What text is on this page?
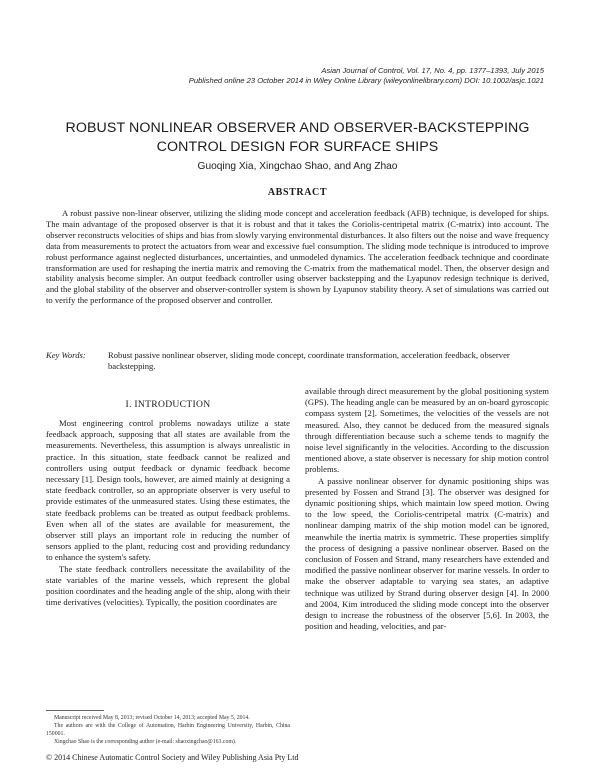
Asian Journal of Control, Vol. 17, No. 4, pp. 1377–1393, July 2015
Published online 23 October 2014 in Wiley Online Library (wileyonlinelibrary.com) DOI: 10.1002/asjc.1021
ROBUST NONLINEAR OBSERVER AND OBSERVER-BACKSTEPPING
CONTROL DESIGN FOR SURFACE SHIPS
Guoqing Xia, Xingchao Shao, and Ang Zhao
ABSTRACT

A robust passive non-linear observer, utilizing the sliding mode concept and acceleration feedback (AFB) technique, is developed for ships. The main advantage of the proposed observer is that it is robust and that it takes the Coriolis-centripetal matrix (C-matrix) into account. The observer reconstructs velocities of ships and bias from slowly varying environmental disturbances. It also filters out the noise and wave frequency data from measurements to protect the actuators from wear and excessive fuel consumption. The sliding mode technique is introduced to improve robust performance against neglected disturbances, uncertainties, and unmodeled dynamics. The acceleration feedback technique and coordinate transformation are used for reshaping the inertia matrix and removing the C-matrix from the mathematical model. Then, the observer design and stability analysis become simpler. An output feedback controller using observer backstepping and the Lyapunov redesign technique is derived, and the global stability of the observer and observer-controller system is shown by Lyapunov stability theory. A set of simulations was carried out to verify the performance of the proposed observer and controller.

Key Words:	Robust passive nonlinear observer, sliding mode concept, coordinate transformation, acceleration feedback, observer backstepping.
I. INTRODUCTION

Most engineering control problems nowadays utilize a state feedback approach, supposing that all states are available from the measurements. Nevertheless, this assumption is always unrealistic in practice. In this situation, state feedback cannot be realized and controllers using output feedback or dynamic feedback become necessary [1]. Design tools, however, are aimed mainly at designing a state feedback controller, so an appropriate observer is very useful to provide estimates of the unmeasured states. Using these estimates, the state feedback problems can be treated as output feedback problems. Even when all of the states are available for measurement, the observer still plays an important role in reducing the number of sensors applied to the plant, reducing cost and providing redundancy to enhance the system's safety.

The state feedback controllers necessitate the availability of the state variables of the marine vessels, which represent the global position coordinates and the heading angle of the ship, along with their time derivatives (velocities). Typically, the position coordinates are

available through direct measurement by the global positioning system (GPS). The heading angle can be measured by an on-board gyroscopic compass system [2]. Sometimes, the velocities of the vessels are not measured. Also, they cannot be deduced from the measured signals through differentiation because such a scheme tends to magnify the noise level significantly in the velocities. According to the discussion mentioned above, a state observer is necessary for ship motion control problems.

A passive nonlinear observer for dynamic positioning ships was presented by Fossen and Strand [3]. The observer was designed for dynamic positioning ships, which maintain low speed motion. Owing to the low speed, the Coriolis-centripetal matrix (C-matrix) and nonlinear damping matrix of the ship motion model can be ignored, meanwhile the inertia matrix is symmetric. These properties simplify the process of designing a passive nonlinear observer. Based on the conclusion of Fossen and Strand, many researchers have extended and modified the passive nonlinear observer for marine vessels. In order to make the observer adaptable to varying sea states, an adaptive technique was utilized by Strand during observer design [4]. In 2000 and 2004, Kim introduced the sliding mode concept into the observer design to increase the robustness of the observer [5,6]. In 2003, the position and heading, velocities, and par-

Manuscript received May 8, 2013; revised October 14, 2013; accepted May 5, 2014.

The authors are with the College of Automation, Harbin Engineering University, Harbin, China 150001.

Xingchao Shao is the corresponding author (e-mail: shaoxingchao@163.com).

© 2014 Chinese Automatic Control Society and Wiley Publishing Asia Pty Ltd
